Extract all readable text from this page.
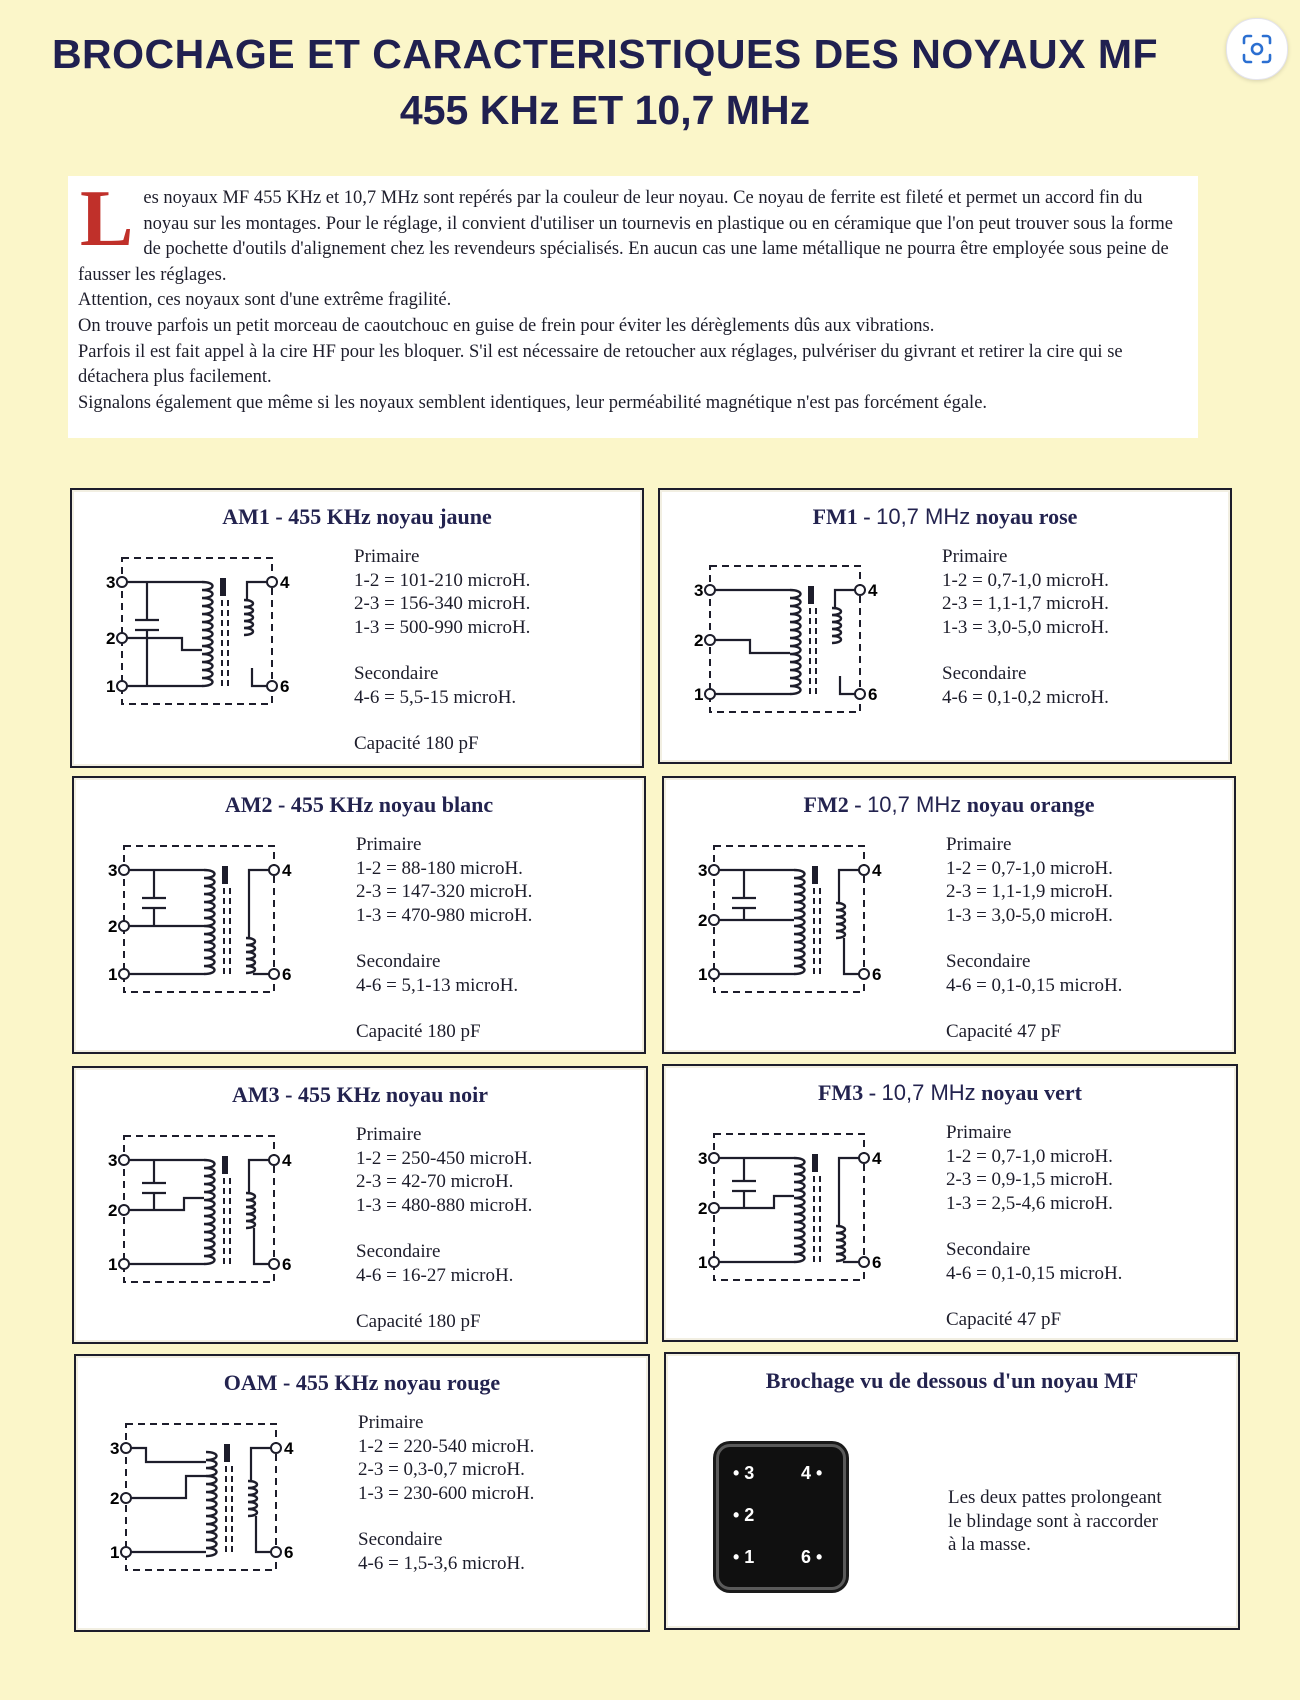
BROCHAGE ET CARACTERISTIQUES DES NOYAUX MF
455 KHz ET 10,7 MHz
L es noyaux MF 455 KHz et 10,7 MHz sont repérés par la couleur de leur noyau. Ce noyau de ferrite est fileté et permet un accord fin du noyau sur les montages. Pour le réglage, il convient d'utiliser un tournevis en plastique ou en céramique que l'on peut trouver sous la forme de pochette d'outils d'alignement chez les revendeurs spécialisés. En aucun cas une lame métallique ne pourra être employée sous peine de fausser les réglages.

Attention, ces noyaux sont d'une extrême fragilité.

On trouve parfois un petit morceau de caoutchouc en guise de frein pour éviter les dérèglements dûs aux vibrations.

Parfois il est fait appel à la cire HF pour les bloquer. S'il est nécessaire de retoucher aux réglages, pulvériser du givrant et retirer la cire qui se détachera plus facilement.

Signalons également que même si les noyaux semblent identiques, leur perméabilité magnétique n'est pas forcément égale.

AM1 - 455 KHz noyau jaune
3
2
1
4
6
Primaire
1-2 = 101-210 microH.
2-3 = 156-340 microH.
1-3 = 500-990 microH.
Secondaire
4-6 = 5,5-15 microH.
Capacité 180 pF
FM1 - 10,7 MHz noyau rose
3
2
1
4
6
Primaire
1-2 = 0,7-1,0 microH.
2-3 = 1,1-1,7 microH.
1-3 = 3,0-5,0 microH.
Secondaire
4-6 = 0,1-0,2 microH.
AM2 - 455 KHz noyau blanc
3
2
1
4
6
Primaire
1-2 = 88-180 microH.
2-3 = 147-320 microH.
1-3 = 470-980 microH.
Secondaire
4-6 = 5,1-13 microH.
Capacité 180 pF
FM2 - 10,7 MHz noyau orange
3
2
1
4
6
Primaire
1-2 = 0,7-1,0 microH.
2-3 = 1,1-1,9 microH.
1-3 = 3,0-5,0 microH.
Secondaire
4-6 = 0,1-0,15 microH.
Capacité 47 pF
AM3 - 455 KHz noyau noir
3
2
1
4
6
Primaire
1-2 = 250-450 microH.
2-3 = 42-70 microH.
1-3 = 480-880 microH.
Secondaire
4-6 = 16-27 microH.
Capacité 180 pF
FM3 - 10,7 MHz noyau vert
3
2
1
4
6
Primaire
1-2 = 0,7-1,0 microH.
2-3 = 0,9-1,5 microH.
1-3 = 2,5-4,6 microH.
Secondaire
4-6 = 0,1-0,15 microH.
Capacité 47 pF
OAM - 455 KHz noyau rouge
3
2
1
4
6
Primaire
1-2 = 220-540 microH.
2-3 = 0,3-0,7 microH.
1-3 = 230-600 microH.
Secondaire
4-6 = 1,5-3,6 microH.
Brochage vu de dessous d'un noyau MF
• 3	4 •
• 2
• 1	6 •
Les deux pattes prolongeant
le blindage sont à raccorder
à la masse.
